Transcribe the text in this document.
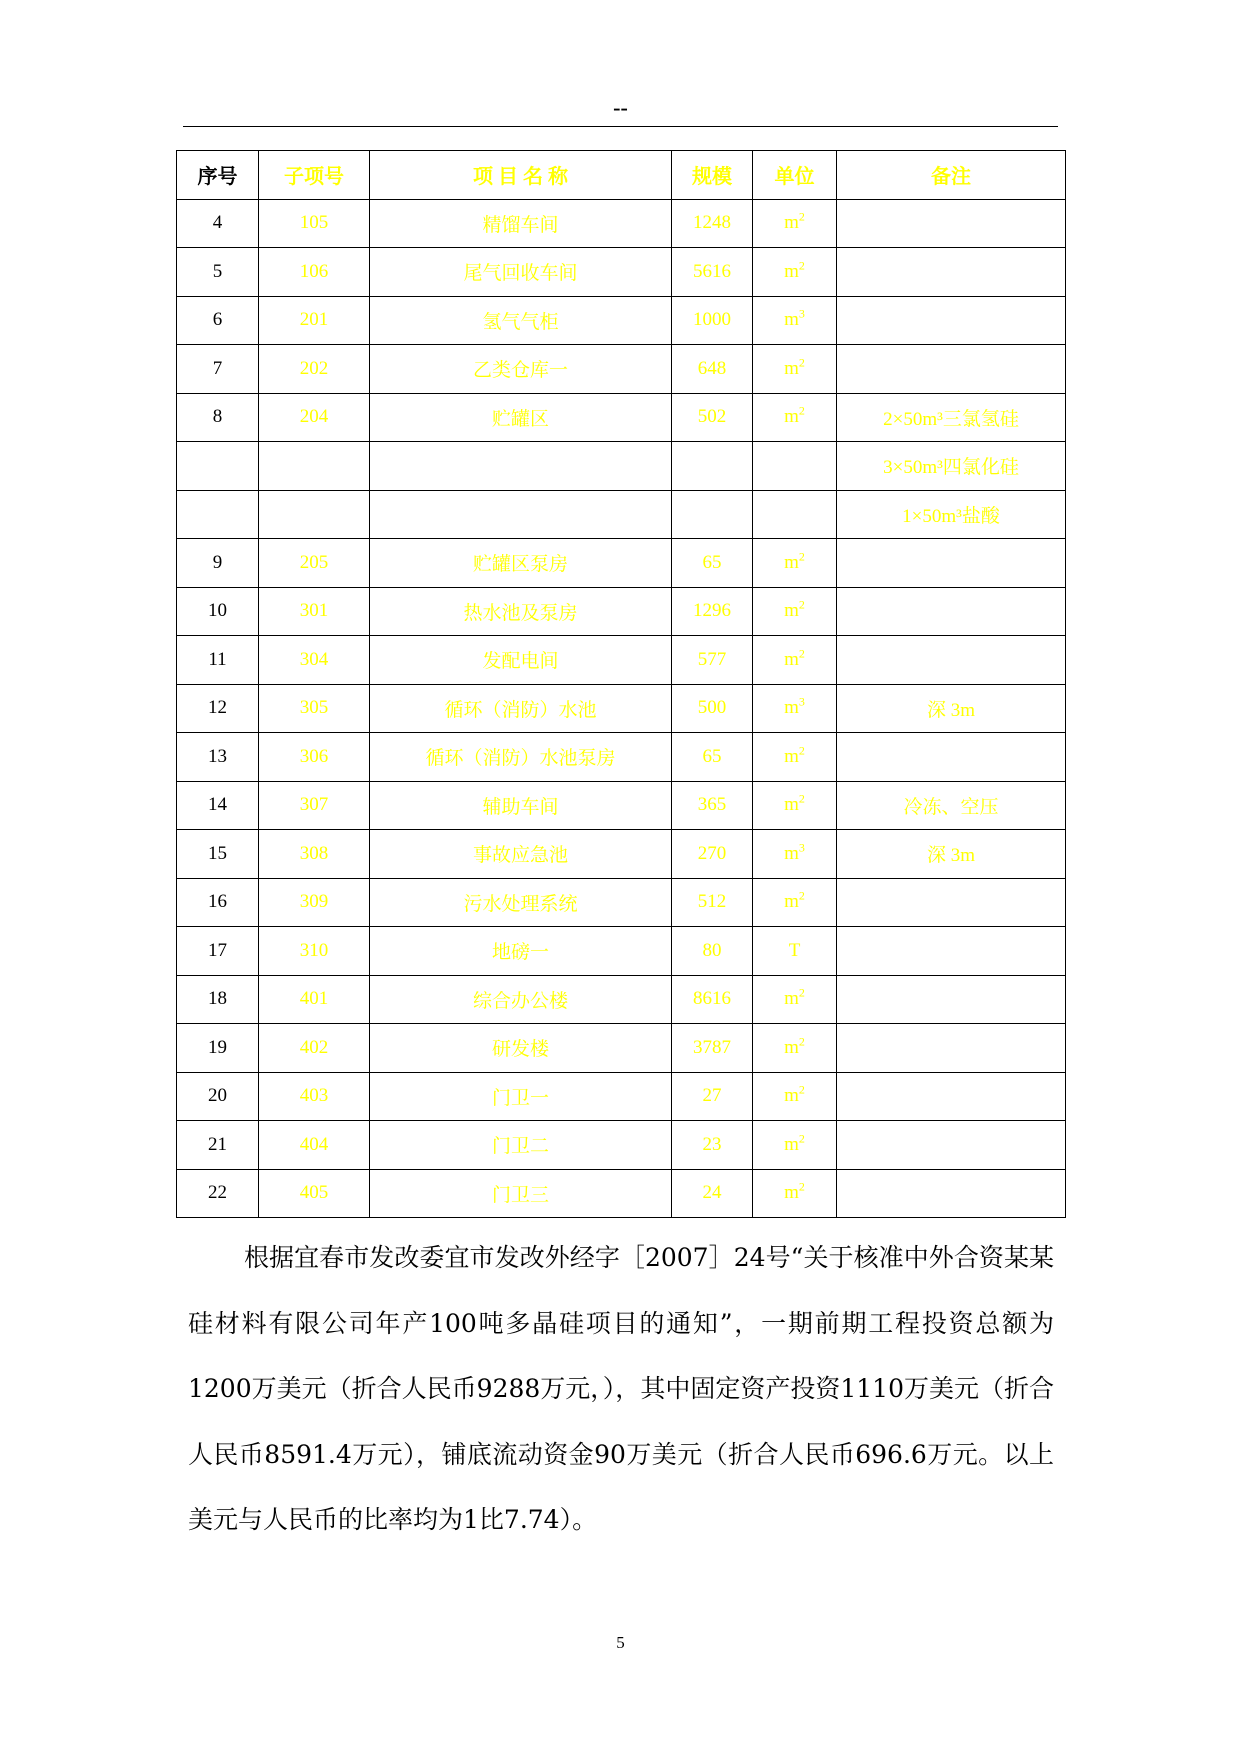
--
序号	子项号	项 目 名 称	规模	单位	备注
4	105	精馏车间	1248	$m^2$	
5	106	尾气回收车间	5616	$m^2$	
6	201	氢气气柜	1000	$m^3$	
7	202	乙类仓库一	648	$m^2$	
8	204	贮罐区	502	$m^2$	2×50m³三氯氢硅
					3×50m³四氯化硅
					1×50m³盐酸
9	205	贮罐区泵房	65	$m^2$	
10	301	热水池及泵房	1296	$m^2$	
11	304	发配电间	577	$m^2$	
12	305	循环（消防）水池	500	$m^3$	深 3m
13	306	循环（消防）水池泵房	65	$m^2$	
14	307	辅助车间	365	$m^2$	冷冻、空压
15	308	事故应急池	270	$m^3$	深 3m
16	309	污水处理系统	512	$m^2$	
17	310	地磅一	80	T	
18	401	综合办公楼	8616	$m^2$	
19	402	研发楼	3787	$m^2$	
20	403	门卫一	27	$m^2$	
21	404	门卫二	23	$m^2$	
22	405	门卫三	24	$m^2$	

根据宜春市发改委宜市发改外经字［2007］24号“关于核准中外合资某某硅材料有限公司年产100吨多晶硅项目的通知”，一期前期工程投资总额为1200万美元（折合人民币9288万元，），其中固定资产投资1110万美元（折合人民币8591.4万元），铺底流动资金90万美元（折合人民币696.6万元。以上美元与人民币的比率均为1比7.74）。

5
